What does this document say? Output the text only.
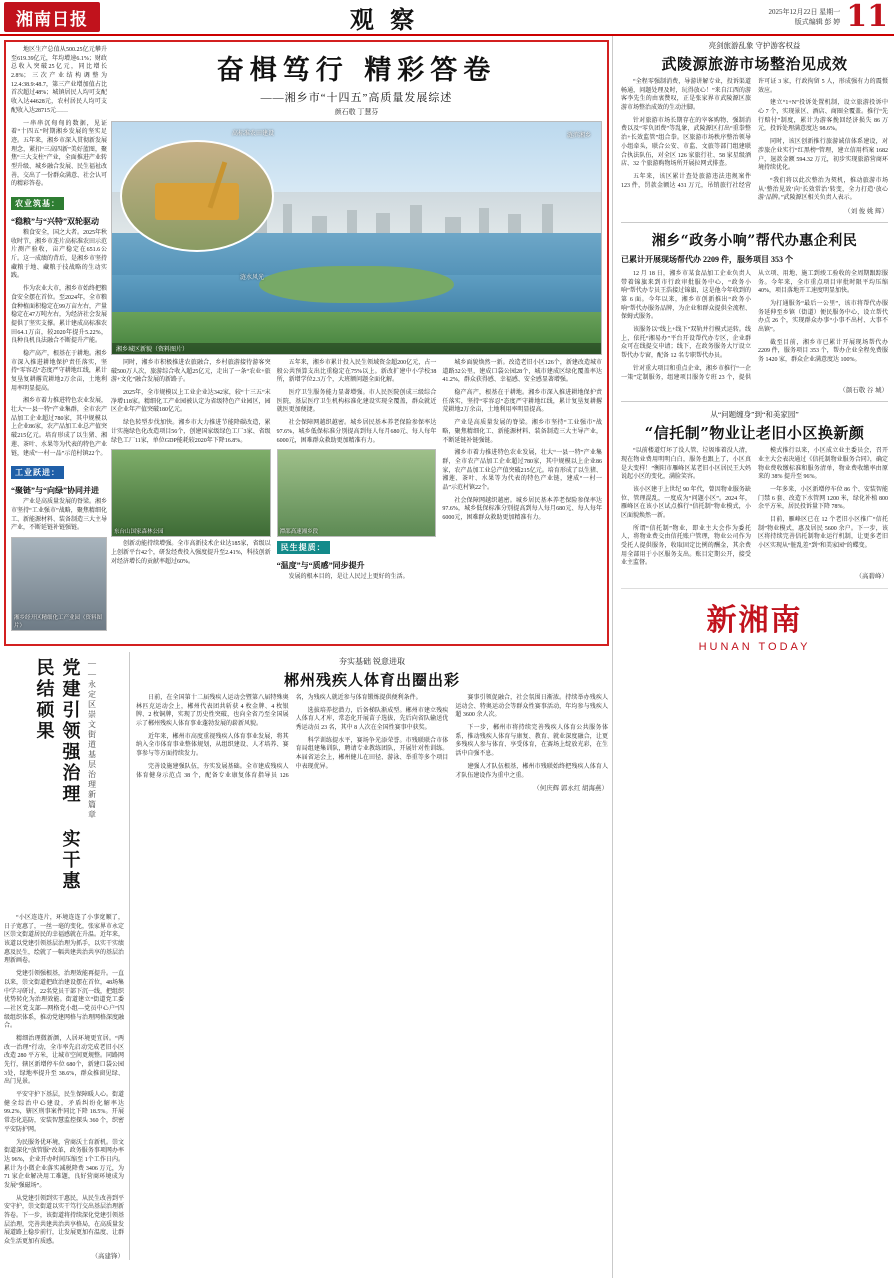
湘南日报	观 察	2025年12月22日 星期一
版式编辑 彭 婷 11

地区生产总值从500.25亿元攀升至619.39亿元，年均增速6.1%；财政总收入突破25亿元，同比增长2.8%；三次产业结构调整为12.4:38.9:48.7，第三产业增加值占比首次超过48%；城镇居民人均可支配收入达44628元，农村居民人均可支配收入达28715元……

一串串沉甸甸的数据，见证着“十四五”时期湘乡发展的坚实足迹。五年来，湘乡市深入贯彻新发展理念，紧扣“三高四新”美好蓝图，聚焦“三大支柱”产业，全面推进产业转型升级、城乡融合发展、民生福祉改善，交出了一份群众满意、社会认可的精彩答卷。

农业筑基：
“稳粮”与“兴特”双轮驱动

粮食安全，国之大者。2025年秋收时节，湘乡市连片高标准农田示范片测产验收，亩产稳定在651.6公斤。这一成绩的背后，是湘乡市坚持藏粮于地、藏粮于技战略的生动实践。

作为农业大市，湘乡市始终把粮食安全摆在首位。至2024年，全市粮食种植面积稳定在99万亩左右，产量稳定在47万吨左右，为经济社会发展提供了坚实支撑。累计建成高标准农田64.1万亩，较2020年提升5.22%，良种良机良法融合不断提升产能。

稳产高产，根基在于耕地。湘乡市深入推进耕地保护责任落实，坚持“零容忍”态度严守耕地红线，累计复垦复耕撂荒耕地2万余亩，土地利用率明显提高。

湘乡市着力推进特色农业发展，壮大“一县一特”产业集群，全市农产品加工企业超过780家，其中规模以上企业86家，农产品加工业总产值突破215亿元。培育形成了以生猪、湘莲、茶叶、水果等为代表的特色产业链，建成“一村一品”示范村镇22个。

工业跃进：
“聚链”与“向绿”协同并进

产业是高质量发展的脊梁。湘乡市坚持“工业强市”战略，聚焦精细化工、新能源材料、装备制造三大主导产业，不断延链补链强链。

湘乡经开区精细化工产业园（资料图片）
奋楫笃行 精彩答卷
——湘乡市“十四五”高质量发展综述
颜石敬 丁慧芬
高标准农田建设
涟水风光
涟滨湘乡
湘乡城区新貌（资料图片）

同时，湘乡市积极推进农旅融合，乡村旅游接待游客突破500万人次，旅游综合收入超25亿元，走出了一条“农业+旅游+文化”融合发展的新路子。

2025年，全市规模以上工业企业达342家，较“十三五”末净增118家。精细化工产业园被认定为省级特色产业园区，园区企业年产值突破180亿元。

绿色转型步伐加快。湘乡市大力推进节能降碳改造，累计实施绿色化改造项目56个，创建国家级绿色工厂3家、省级绿色工厂11家，单位GDP能耗较2020年下降16.8%。

东台山国家森林公园

创新动能持续增强。全市高新技术企业达185家，省级以上创新平台42个，研发经费投入强度提升至2.41%，科技创新对经济增长的贡献率超过60%。

五年来，湘乡市累计投入民生领域资金超200亿元，占一般公共预算支出比重稳定在75%以上。新改扩建中小学校38所，新增学位2.3万个，大班额问题全面化解。

医疗卫生服务能力显著增强。市人民医院创成三级综合医院，基层医疗卫生机构标准化建设实现全覆盖，群众就近就医更加便捷。

社会保障网越织越密。城乡居民基本养老保险参保率达97.6%，城乡低保标准分别提高到每人每月680元、每人每年6000元，困难群众救助更加精准有力。

潭邵高速湘乡段
民生提质：
“温度”与“质感”同步提升

发展的根本目的，是让人民过上更好的生活。

城乡面貌焕然一新。改造老旧小区126个，新建改造城市道路32公里，建成口袋公园28个，城市建成区绿化覆盖率达41.2%，群众获得感、幸福感、安全感显著增强。

稳产高产，根基在于耕地。湘乡市深入推进耕地保护责任落实，坚持“零容忍”态度严守耕地红线，累计复垦复耕撂荒耕地2万余亩，土地利用率明显提高。

产业是高质量发展的脊梁。湘乡市坚持“工业强市”战略，聚焦精细化工、新能源材料、装备制造三大主导产业，不断延链补链强链。

湘乡市着力推进特色农业发展，壮大“一县一特”产业集群，全市农产品加工企业超过780家，其中规模以上企业86家，农产品加工业总产值突破215亿元。培育形成了以生猪、湘莲、茶叶、水果等为代表的特色产业链，建成“一村一品”示范村镇22个。

社会保障网越织越密。城乡居民基本养老保险参保率达97.6%，城乡低保标准分别提高到每人每月680元、每人每年6000元，困难群众救助更加精准有力。

党建引领强治理 实干惠民结硕果	——永定区崇文街道基层治理新篇章

“小区连连片，环境连连了小事宽顺了，日子宽惠了，一丝一毫的变化，张家界市永定区崇文街道居民的幸福感就在升温。近年来，该道以党建引领基层治理为抓手，以实干实绩惠及民生，绘就了一幅共建共治共享的基层治理新画卷。

党建引领强根基，治理效能再提升。一直以来，崇文街道把政治建设摆在首位，48场集中学习研讨，22名党员干部下沉一线，把组织优势转化为治理效能。街道建立“街道党工委—社区党支部—网格党小组—党员中心户”四级组织体系，推动党建网格与治理网格深度融合。

精细治理微新颜，人居环境更宜居。“两改一治理”行动，全市率先启动完成老旧小区改造 280 平方米，让城市空间更规整。同路网先行，辖区新增停车位 680个，新建口袋公园 3处，绿地率提升至 38.6%，群众推窗见绿、出门见景。

平安守护下基层，民生保障暖人心。街道健全综治中心建设，矛盾纠纷化解率达 99.2%，辖区刑事案件同比下降 18.5%。开展常态化巡防，安装智慧监控探头 360 个，织密平安防护网。

为民服务优环境，营商沃土育新机。崇文街道深化“放管服”改革，政务服务事项网办率达 96%，企业开办时间压缩至 1个工作日内。累计为小微企业落实减税降费 3406 万元，为 71 家企业解决用工难题，良好营商环境成为发展“强磁场”。

从党建引领到实干惠民，从民生改善到平安守护，崇文街道以实干笃行交出基层治理新答卷。下一步，该街道将持续深化党建引领基层治理，完善共建共治共享格局，在高质量发展道路上稳步前行，让发展更加有温度、让群众生活更加有质感。

（高建锋）
夯实基础 锐意进取
郴州残疾人体育出圈出彩

日前，在全国第十二届残疾人运动会暨第八届特殊奥林匹克运动会上，郴州代表团共斩获 4 枚金牌、4 枚银牌、2 枚铜牌，实现了历史性突破，也向全省乃至全国展示了郴州残疾人体育事业蓬勃发展的崭新风貌。

近年来，郴州市高度重视残疾人体育事业发展，将其纳入全市体育事业整体规划，从组织建设、人才培养、赛事参与等方面持续发力。

完善设施建强队伍，夯实发展基础。全市建成残疾人体育健身示范点 38 个，配备专业康复体育指导员 126 名，为残疾人就近参与体育锻炼提供便利条件。

选拔培养挖潜力，后备梯队渐成型。郴州市建立残疾人体育人才库，常态化开展苗子选拔，先后向省队输送优秀运动员 23 名，其中 8 人次在全国性赛事中获奖。

科学训练提水平，赛场争光添荣誉。市残联联合市体育局组建集训队，聘请专业教练团队，开展针对性训练。本届省运会上，郴州健儿在田径、游泳、举重等多个项目中表现优异。

赛事引领促融合，社会氛围日渐浓。持续举办残疾人运动会、特奥运动会等群众性赛事活动，年均参与残疾人超 3600 余人次。

下一步，郴州市将持续完善残疾人体育公共服务体系，推动残疾人体育与康复、教育、就业深度融合，让更多残疾人参与体育、享受体育，在赛场上绽放光彩，在生活中自强不息。

建强人才队伍根基，郴州市残联始终把残疾人体育人才队伍建设作为重中之重。

（何庆辉 郭永红 胡海燕）
亮剑旅游乱象 守护游客权益
武陵源旅游市场整治见成效

“全程零强制消费，导游讲解专业，投诉渠道畅通，问题处理及时，玩得放心！”来自江西的游客李先生的由衷赞叹，正是张家界市武陵源区旅游市场整治成效的生动注脚。

针对旅游市场长期存在的宰客购物、强制消费以及“零负团费”等乱象，武陵源区打出“重拳整治+长效监管”组合拳。区旅游市场秩序整治领导小组牵头，联合公安、市监、文旅等部门组建联合执法队伍，对全区 126 家旅行社、58 家星级酒店、32 个旅游购物场所开展拉网式排查。

五年来，该区累计查处旅游违法违规案件 123 件，罚款金额达 431 万元，吊销旅行社经营许可证 3 家，行政拘留 5 人，形成强有力的震慑效应。

建立“1+N”投诉处置机制，设立旅游投诉中心 7 个，实现景区、酒店、商圈全覆盖。推行“先行赔付”制度，累计为游客挽回经济损失 86 万元，投诉处理满意度达 98.6%。

同时，该区创新推行旅游诚信体系建设，对涉旅企业实行“红黑榜”管理，建立信用档案 1682 户，退款金额 594.32 万元，初步实现旅游营商环境持续优化。

“我们将以此次整治为契机，推动旅游市场从‘整治见效’向‘长效常治’转变，全力打造‘放心游’品牌。”武陵源区相关负责人表示。

（刘 俊 姚 辉）
湘乡“政务小响”帮代办惠企利民
已累计开展现场帮代办 2209 件，服务项目 353 个

12 月 18 日，湘乡市某食品加工企业负责人带着锦旗来到市行政审批服务中心，“政务小响”帮代办专员王浩接过锦旗，这是他今年收到的第 6 面。今年以来，湘乡市创新推出“政务小响”帮代办服务品牌，为企业和群众提供全流程、保姆式服务。

该服务以“线上+线下”双轨并行模式运转。线上，依托“湘易办”平台开设帮代办专区，企业群众可在线提交申请；线下，在政务服务大厅设立帮代办专窗，配备 12 名专职帮代办员。

针对重大项目和重点企业，湘乡市推行“一企一策”定制服务，组建项目服务专班 23 个，提供从立项、用地、施工到竣工验收的全周期跟踪服务。今年来，全市重点项目审批时限平均压缩 40%，项目落地开工速度明显加快。

为打通服务“最后一公里”，该市将帮代办服务延伸至乡镇（街道）便民服务中心，设立帮代办点 26 个，实现群众办事“小事不出村、大事不出镇”。

截至目前，湘乡市已累计开展现场帮代办 2209 件，服务项目 353 个，帮办企业全程免费服务 1420 家，群众企业满意度达 100%。

（颜石敬 谷 城）
从“问题缠身”到“和美家园”
“信托制”物业让老旧小区换新颜

“以前楼道灯坏了没人管、垃圾堆着没人清，现在物业费用明明白白，服务也跟上了，小区真是大变样！”衡阳市雁峰区某老旧小区居民王大妈说起小区的变化，满脸笑容。

该小区建于上世纪 90 年代，曾因物业服务缺位、管理混乱，一度成为“问题小区”。2024 年，雁峰区在该小区试点推行“信托制”物业模式，小区面貌焕然一新。

所谓“信托制”物业，即业主大会作为委托人，将物业费交由信托账户管理，物业公司作为受托人提供服务，收取固定比例的酬金，其余费用全部用于小区服务支出。账目定期公开，接受业主监督。

模式推行以来，小区成立业主委员会，召开业主大会表决通过《信托制物业服务合同》，确定物业费收缴标准和服务清单，物业费收缴率由原来的 38% 提升至 96%。

一年多来，小区新增停车位 86 个、安装智能门禁 6 套、改造下水管网 1200 米，绿化补植 800 余平方米，居民投诉量下降 78%。

目前，雁峰区已在 12 个老旧小区推广“信托制”物业模式，惠及居民 5600 余户。下一步，该区将持续完善信托制物业运行机制，让更多老旧小区实现从“脏乱差”到“和美家园”的蝶变。

（高碧峰）
新湘南
HUNAN TODAY
